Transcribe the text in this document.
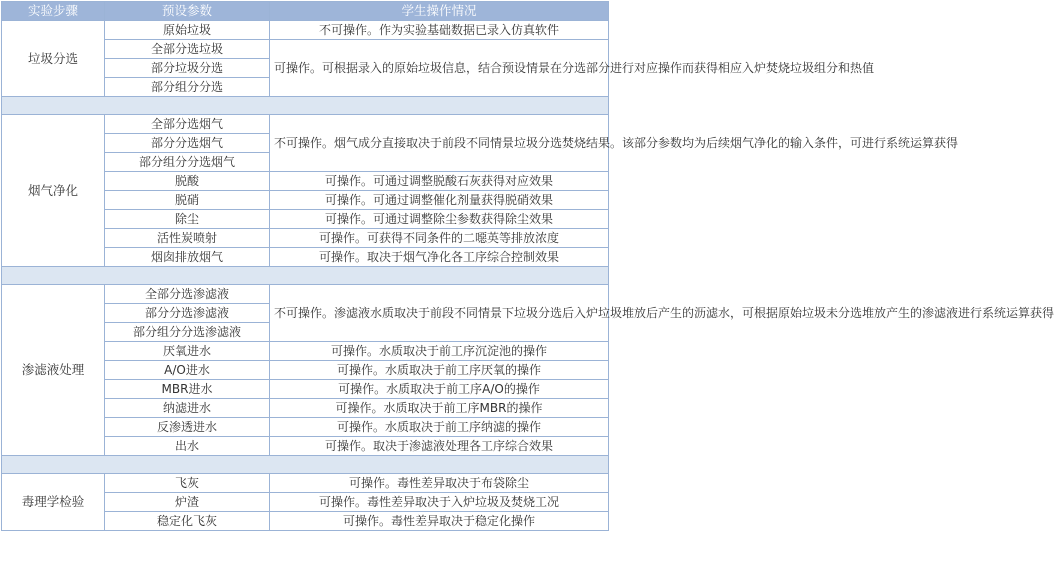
实验步骤	预设参数	学生操作情况
垃圾分选	原始垃圾	不可操作。作为实验基础数据已录入仿真软件
	全部分选垃圾	可操作。可根据录入的原始垃圾信息，结合预设情景在分选部分进行对应操作而获得相应入炉焚烧垃圾组分和热值
	部分垃圾分选	
	部分组分分选	

烟气净化	全部分选烟气	不可操作。烟气成分直接取决于前段不同情景垃圾分选焚烧结果。该部分参数均为后续烟气净化的输入条件，可进行系统运算获得
	部分分选烟气	
	部分组分分选烟气	
	脱酸	可操作。可通过调整脱酸石灰获得对应效果
	脱硝	可操作。可通过调整催化剂量获得脱硝效果
	除尘	可操作。可通过调整除尘参数获得除尘效果
	活性炭喷射	可操作。可获得不同条件的二噁英等排放浓度
	烟囱排放烟气	可操作。取决于烟气净化各工序综合控制效果

渗滤液处理	全部分选渗滤液	不可操作。渗滤液水质取决于前段不同情景下垃圾分选后入炉垃圾堆放后产生的沥滤水，可根据原始垃圾未分选堆放产生的渗滤液进行系统运算获得
	部分分选渗滤液	
	部分组分分选渗滤液	
	厌氧进水	可操作。水质取决于前工序沉淀池的操作
	A/O进水	可操作。水质取决于前工序厌氧的操作
	MBR进水	可操作。水质取决于前工序A/O的操作
	纳滤进水	可操作。水质取决于前工序MBR的操作
	反渗透进水	可操作。水质取决于前工序纳滤的操作
	出水	可操作。取决于渗滤液处理各工序综合效果

毒理学检验	飞灰	可操作。毒性差异取决于布袋除尘
	炉渣	可操作。毒性差异取决于入炉垃圾及焚烧工况
	稳定化飞灰	可操作。毒性差异取决于稳定化操作
